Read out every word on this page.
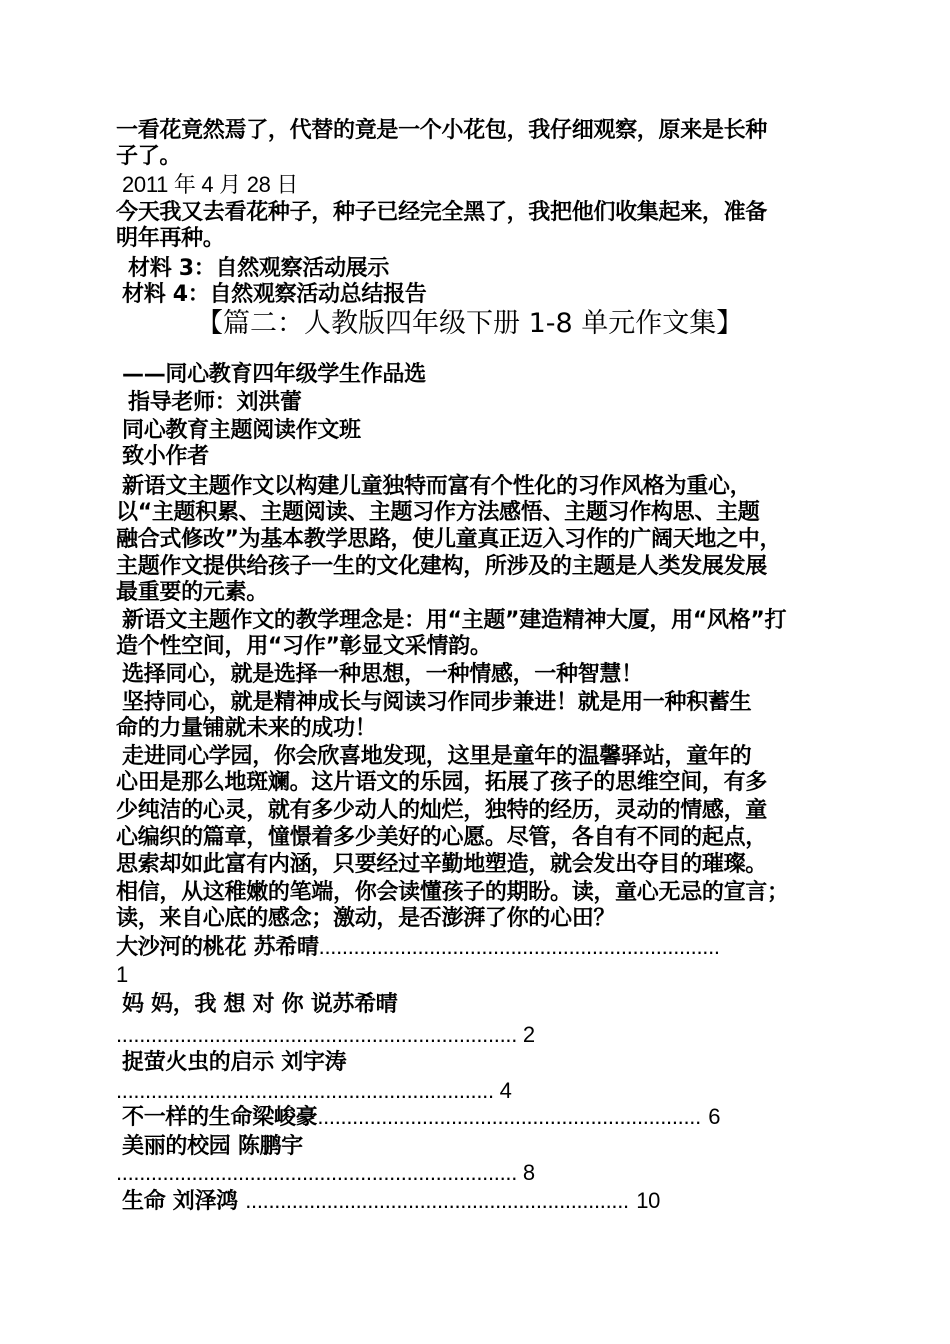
一看花竟然焉了，代替的竟是一个小花包，我仔细观察，原来是长种
子了。
2011 年 4 月 28 日
今天我又去看花种子，种子已经完全黑了，我把他们收集起来，准备
明年再种。
材料 3：自然观察活动展示
材料 4：自然观察活动总结报告
【篇二：人教版四年级下册 1-8 单元作文集】
——同心教育四年级学生作品选
指导老师：刘洪蕾
同心教育主题阅读作文班
致小作者
新语文主题作文以构建儿童独特而富有个性化的习作风格为重心，
以“主题积累、主题阅读、主题习作方法感悟、主题习作构思、主题
融合式修改”为基本教学思路，使儿童真正迈入习作的广阔天地之中，
主题作文提供给孩子一生的文化建构，所涉及的主题是人类发展发展
最重要的元素。
新语文主题作文的教学理念是：用“主题”建造精神大厦，用“风格”打
造个性空间，用“习作”彰显文采情韵。
选择同心，就是选择一种思想，一种情感，一种智慧！
坚持同心，就是精神成长与阅读习作同步兼进！就是用一种积蓄生
命的力量铺就未来的成功！
走进同心学园，你会欣喜地发现，这里是童年的温馨驿站，童年的
心田是那么地斑斓。这片语文的乐园，拓展了孩子的思维空间，有多
少纯洁的心灵，就有多少动人的灿烂，独特的经历，灵动的情感，童
心编织的篇章，憧憬着多少美好的心愿。尽管，各自有不同的起点，
思索却如此富有内涵，只要经过辛勤地塑造，就会发出夺目的璀璨。
相信，从这稚嫩的笔端，你会读懂孩子的期盼。读，童心无忌的宣言；
读，来自心底的感念；激动，是否澎湃了你的心田？
大沙河的桃花 苏希晴.....................................................................
1
妈 妈，我 想 对 你 说苏希晴
..................................................................... 2
捉萤火虫的启示 刘宇涛
................................................................. 4
不一样的生命梁峻豪.................................................................. 6
美丽的校园 陈鹏宇
..................................................................... 8
生命 刘泽鸿 .................................................................. 10
